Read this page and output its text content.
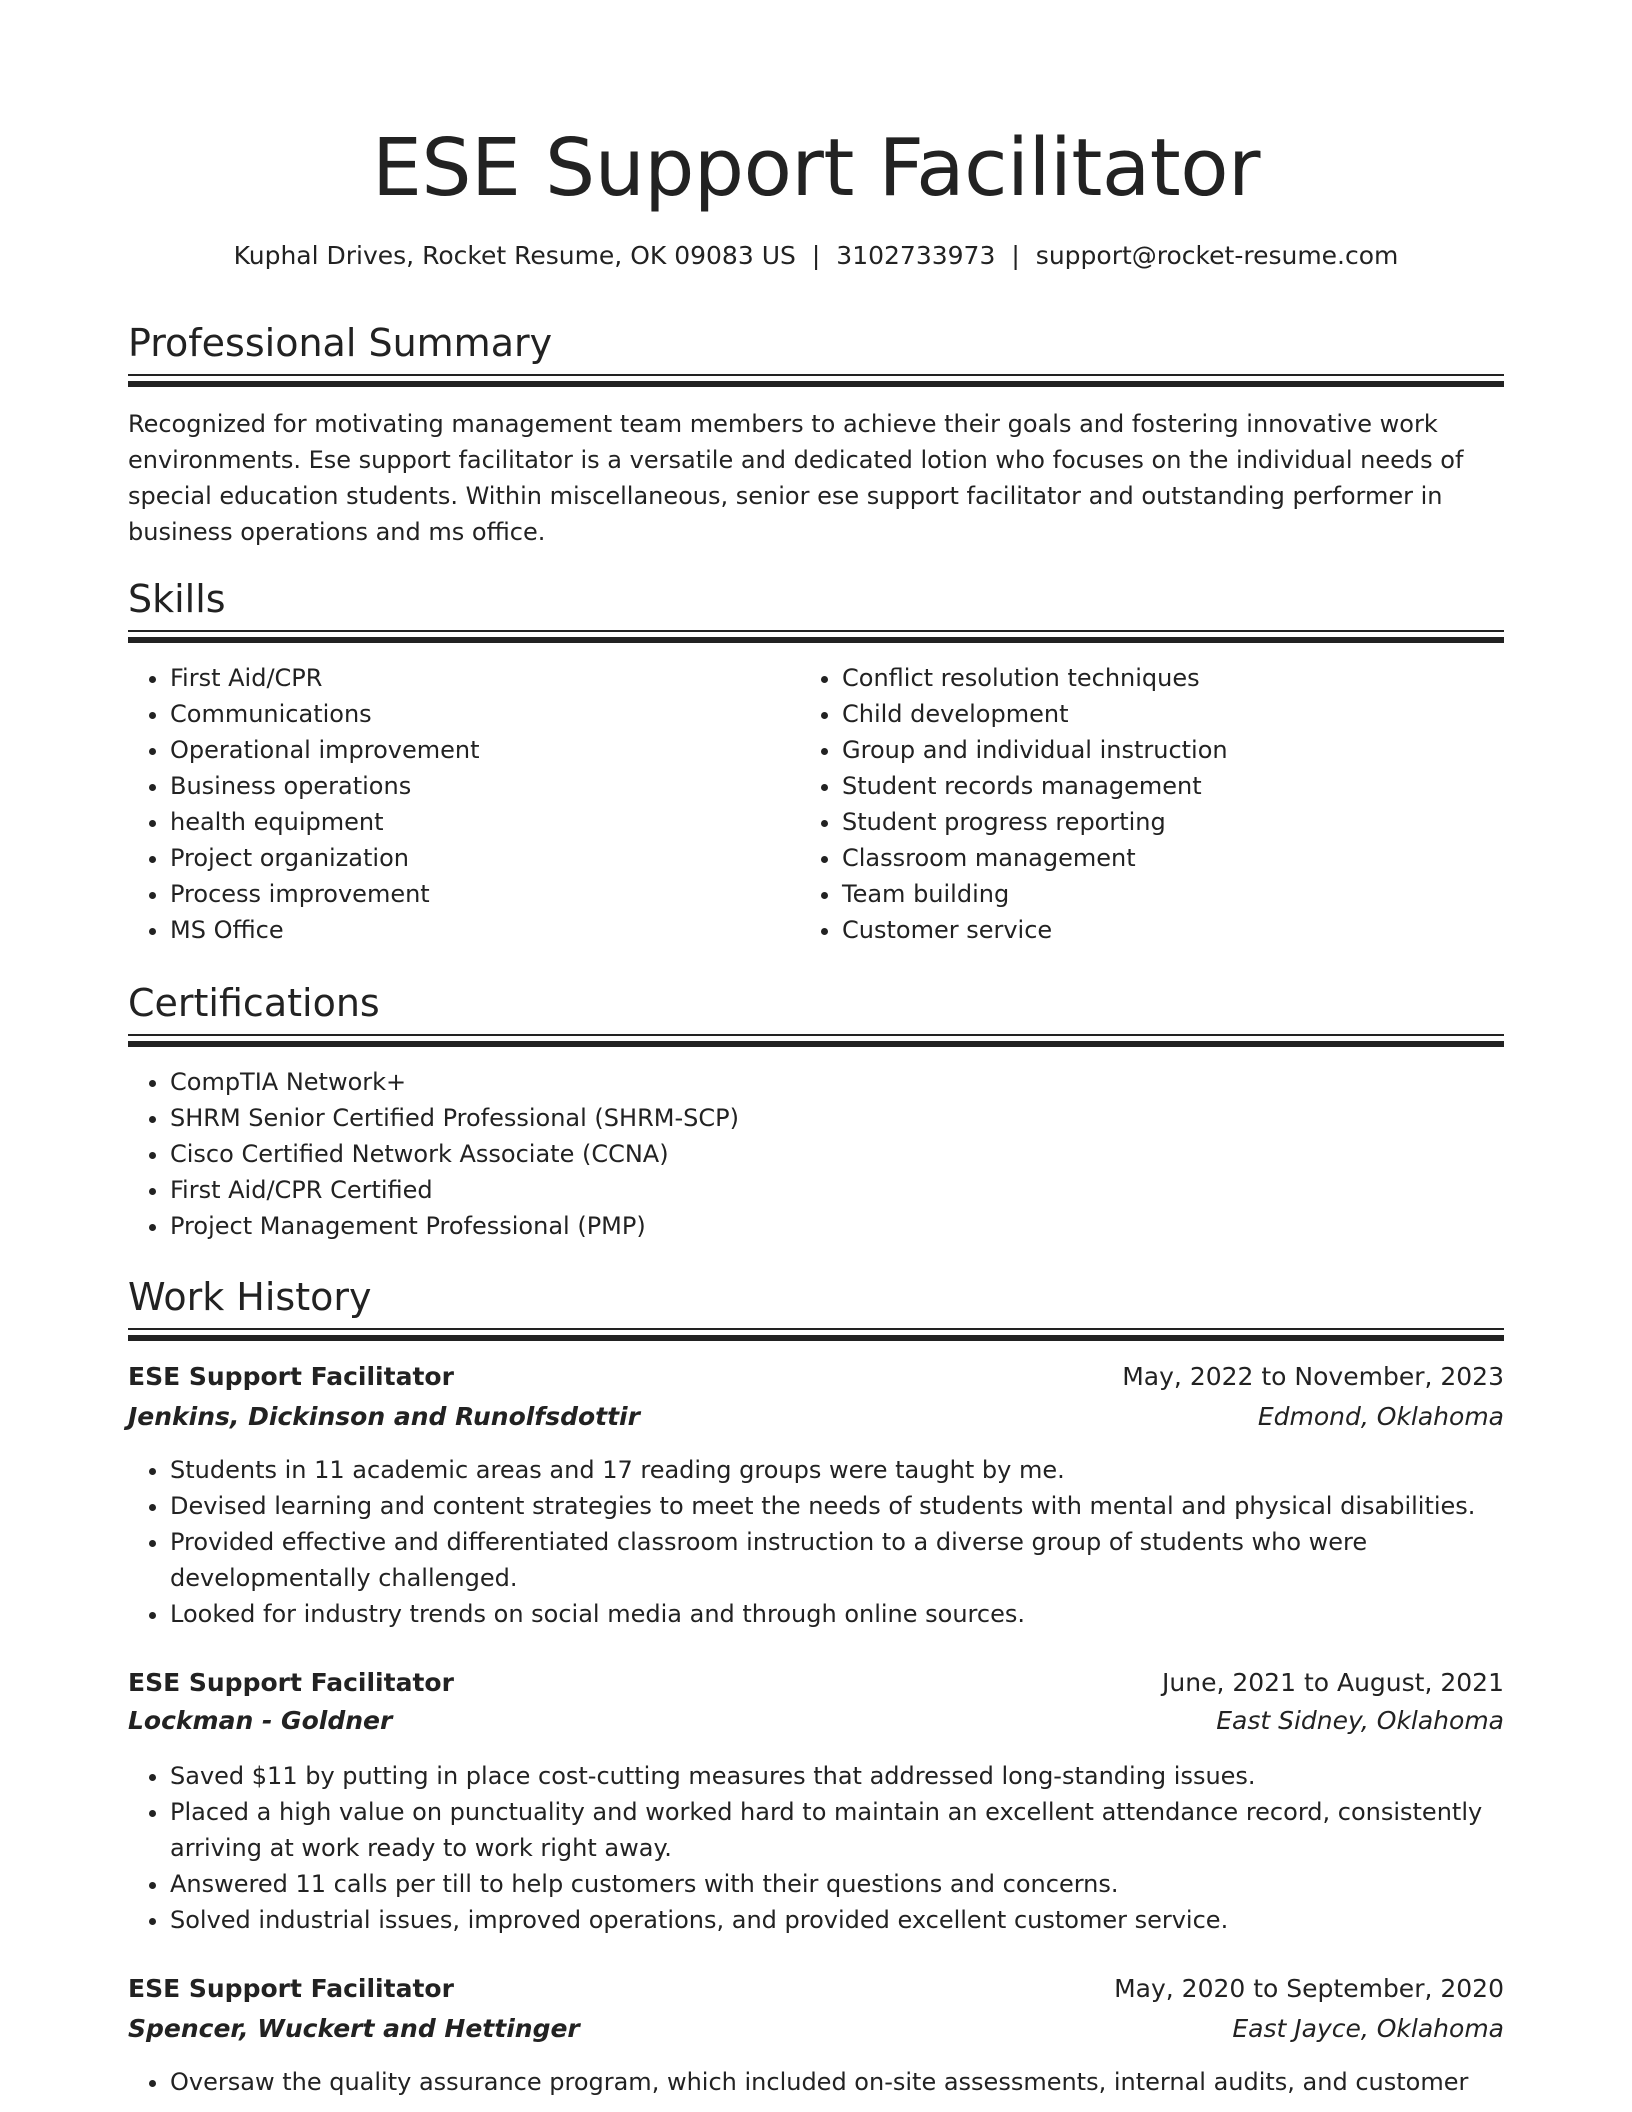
ESE Support Facilitator
Kuphal Drives, Rocket Resume, OK 09083 US | 3102733973 | support@rocket-resume.com
Professional Summary

Recognized for motivating management team members to achieve their goals and fostering innovative work environments. Ese support facilitator is a versatile and dedicated lotion who focuses on the individual needs of special education students. Within miscellaneous, senior ese support facilitator and outstanding performer in business operations and ms office.

Skills
• First Aid/CPR
• Communications
• Operational improvement
• Business operations
• health equipment
• Project organization
• Process improvement
• MS Office
• Conflict resolution techniques
• Child development
• Group and individual instruction
• Student records management
• Student progress reporting
• Classroom management
• Team building
• Customer service
Certifications
• CompTIA Network+
• SHRM Senior Certified Professional (SHRM-SCP)
• Cisco Certified Network Associate (CCNA)
• First Aid/CPR Certified
• Project Management Professional (PMP)
Work History
ESE Support Facilitator	May, 2022 to November, 2023
Jenkins, Dickinson and Runolfsdottir	Edmond, Oklahoma
• Students in 11 academic areas and 17 reading groups were taught by me.
• Devised learning and content strategies to meet the needs of students with mental and physical disabilities.
• Provided effective and differentiated classroom instruction to a diverse group of students who were developmentally challenged.
• Looked for industry trends on social media and through online sources.
ESE Support Facilitator	June, 2021 to August, 2021
Lockman - Goldner	East Sidney, Oklahoma
• Saved $11 by putting in place cost-cutting measures that addressed long-standing issues.
• Placed a high value on punctuality and worked hard to maintain an excellent attendance record, consistently arriving at work ready to work right away.
• Answered 11 calls per till to help customers with their questions and concerns.
• Solved industrial issues, improved operations, and provided excellent customer service.
ESE Support Facilitator	May, 2020 to September, 2020
Spencer, Wuckert and Hettinger	East Jayce, Oklahoma
• Oversaw the quality assurance program, which included on-site assessments, internal audits, and customer
